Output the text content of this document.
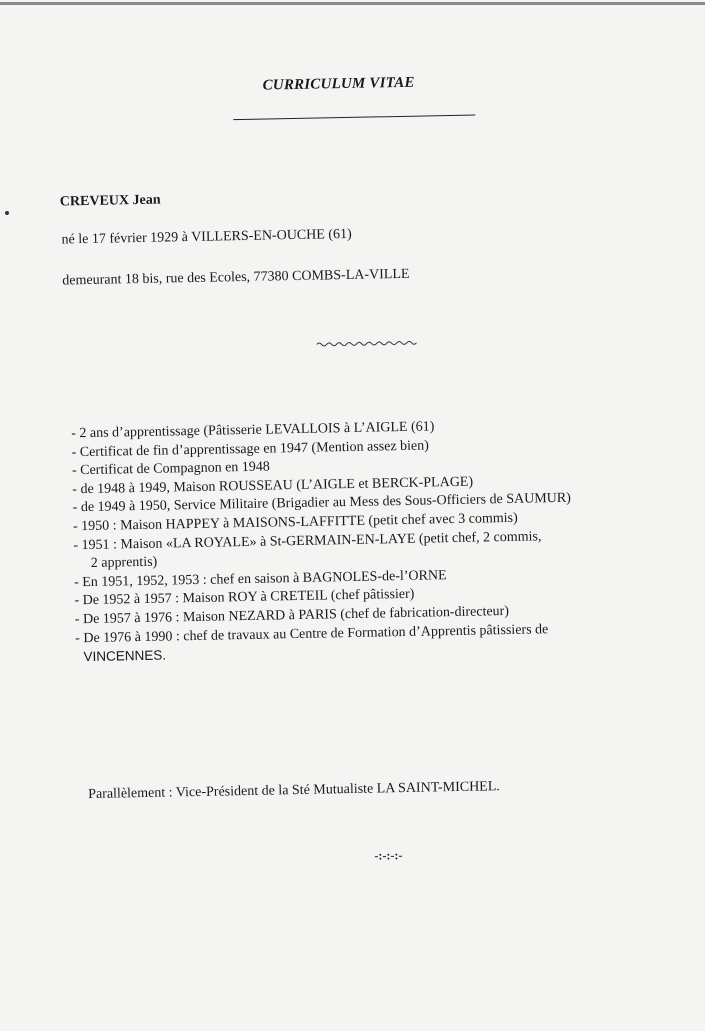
CURRICULUM VITAE
CREVEUX Jean
né le 17 février 1929 à VILLERS-EN-OUCHE (61)
demeurant 18 bis, rue des Ecoles, 77380 COMBS-LA-VILLE
~~~~~~~~~~
- 2 ans d’apprentissage (Pâtisserie LEVALLOIS à L’AIGLE (61)
- Certificat de fin d’apprentissage en 1947 (Mention assez bien)
- Certificat de Compagnon en 1948
- de 1948 à 1949, Maison ROUSSEAU (L’AIGLE et BERCK-PLAGE)
- de 1949 à 1950, Service Militaire (Brigadier au Mess des Sous-Officiers de SAUMUR)
- 1950 : Maison HAPPEY à MAISONS-LAFFITTE (petit chef avec 3 commis)
- 1951 : Maison «LA ROYALE» à St-GERMAIN-EN-LAYE (petit chef, 2 commis,
2 apprentis)
- En 1951, 1952, 1953 : chef en saison à BAGNOLES-de-l’ORNE
- De 1952 à 1957 : Maison ROY à CRETEIL (chef pâtissier)
- De 1957 à 1976 : Maison NEZARD à PARIS (chef de fabrication-directeur)
- De 1976 à 1990 : chef de travaux au Centre de Formation d’Apprentis pâtissiers de
VINCENNES.
Parallèlement : Vice-Président de la Sté Mutualiste LA SAINT-MICHEL.
-:-:-:-
